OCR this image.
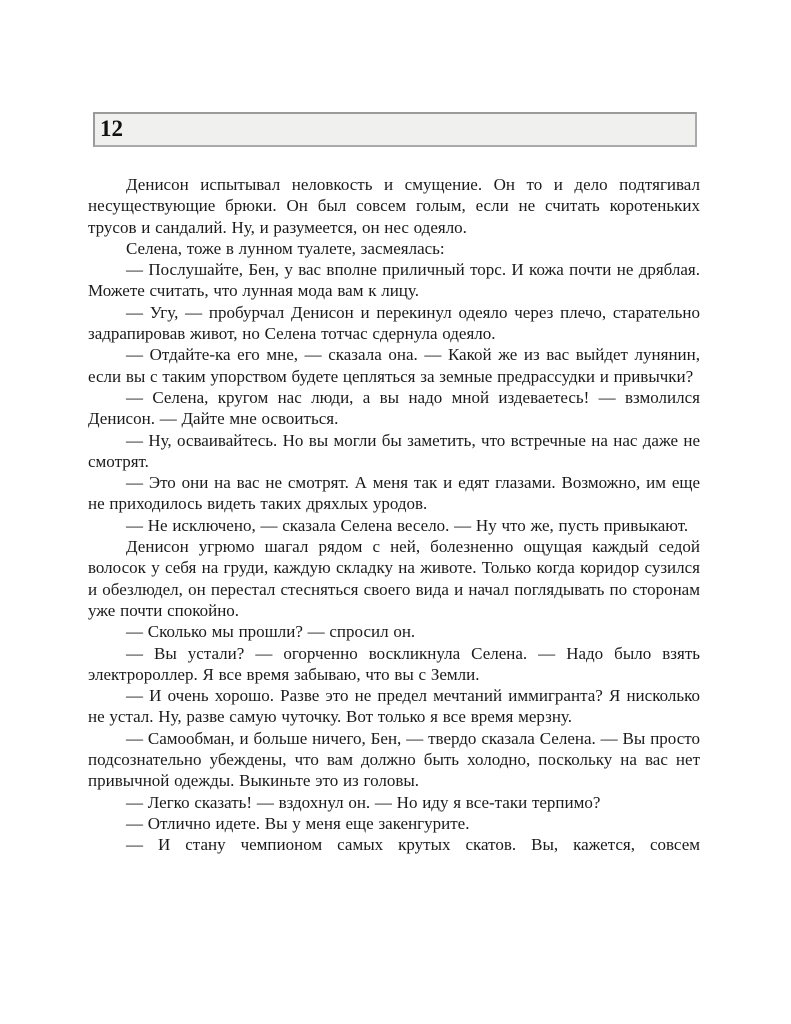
12

Денисон испытывал неловкость и смущение. Он то и дело подтягивал несуществующие брюки. Он был совсем голым, если не считать коротеньких трусов и сандалий. Ну, и разумеется, он нес одеяло.

Селена, тоже в лунном туалете, засмеялась:

— Послушайте, Бен, у вас вполне приличный торс. И кожа почти не дряблая. Можете считать, что лунная мода вам к лицу.

— Угу, — пробурчал Денисон и перекинул одеяло через плечо, старательно задрапировав живот, но Селена тотчас сдернула одеяло.

— Отдайте-ка его мне, — сказала она. — Какой же из вас выйдет лунянин, если вы с таким упорством будете цепляться за земные предрассудки и привычки?

— Селена, кругом нас люди, а вы надо мной издеваетесь! — взмолился Денисон. — Дайте мне освоиться.

— Ну, осваивайтесь. Но вы могли бы заметить, что встречные на нас даже не смотрят.

— Это они на вас не смотрят. А меня так и едят глазами. Возможно, им еще не приходилось видеть таких дряхлых уродов.

— Не исключено, — сказала Селена весело. — Ну что же, пусть привыкают.

Денисон угрюмо шагал рядом с ней, болезненно ощущая каждый седой волосок у себя на груди, каждую складку на животе. Только когда коридор сузился и обезлюдел, он перестал стесняться своего вида и начал поглядывать по сторонам уже почти спокойно.

— Сколько мы прошли? — спросил он.

— Вы устали? — огорченно воскликнула Селена. — Надо было взять электророллер. Я все время забываю, что вы с Земли.

— И очень хорошо. Разве это не предел мечтаний иммигранта? Я нисколько не устал. Ну, разве самую чуточку. Вот только я все время мерзну.

— Самообман, и больше ничего, Бен, — твердо сказала Селена. — Вы просто подсознательно убеждены, что вам должно быть холодно, поскольку на вас нет привычной одежды. Выкиньте это из головы.

— Легко сказать! — вздохнул он. — Но иду я все-таки терпимо?

— Отлично идете. Вы у меня еще закенгурите.

— И стану чемпионом самых крутых скатов. Вы, кажется, совсем
